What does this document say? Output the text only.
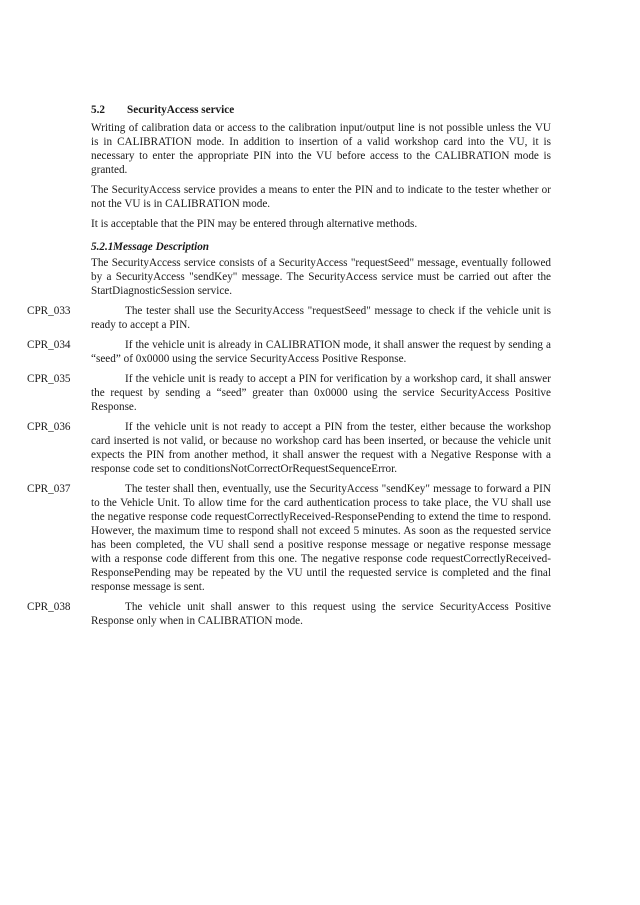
5.2 SecurityAccess service

Writing of calibration data or access to the calibration input/output line is not possible unless the VU is in CALIBRATION mode. In addition to insertion of a valid workshop card into the VU, it is necessary to enter the appropriate PIN into the VU before access to the CALIBRATION mode is granted.

The SecurityAccess service provides a means to enter the PIN and to indicate to the tester whether or not the VU is in CALIBRATION mode.

It is acceptable that the PIN may be entered through alternative methods.

5.2.1Message Description

The SecurityAccess service consists of a SecurityAccess "requestSeed" message, eventually followed by a SecurityAccess "sendKey" message. The SecurityAccess service must be carried out after the StartDiagnosticSession service.

CPR_033	The tester shall use the SecurityAccess "requestSeed" message to check if the vehicle unit is ready to accept a PIN.
CPR_034	If the vehicle unit is already in CALIBRATION mode, it shall answer the request by sending a “seed” of 0x0000 using the service SecurityAccess Positive Response.
CPR_035	If the vehicle unit is ready to accept a PIN for verification by a workshop card, it shall answer the request by sending a “seed” greater than 0x0000 using the service SecurityAccess Positive Response.
CPR_036	If the vehicle unit is not ready to accept a PIN from the tester, either because the workshop card inserted is not valid, or because no workshop card has been inserted, or because the vehicle unit expects the PIN from another method, it shall answer the request with a Negative Response with a response code set to conditionsNotCorrectOrRequestSequenceError.
CPR_037	The tester shall then, eventually, use the SecurityAccess "sendKey" message to forward a PIN to the Vehicle Unit. To allow time for the card authentication process to take place, the VU shall use the negative response code requestCorrectlyReceived-ResponsePending to extend the time to respond. However, the maximum time to respond shall not exceed 5 minutes. As soon as the requested service has been completed, the VU shall send a positive response message or negative response message with a response code different from this one. The negative response code requestCorrectlyReceived-ResponsePending may be repeated by the VU until the requested service is completed and the final response message is sent.
CPR_038	The vehicle unit shall answer to this request using the service SecurityAccess Positive Response only when in CALIBRATION mode.
